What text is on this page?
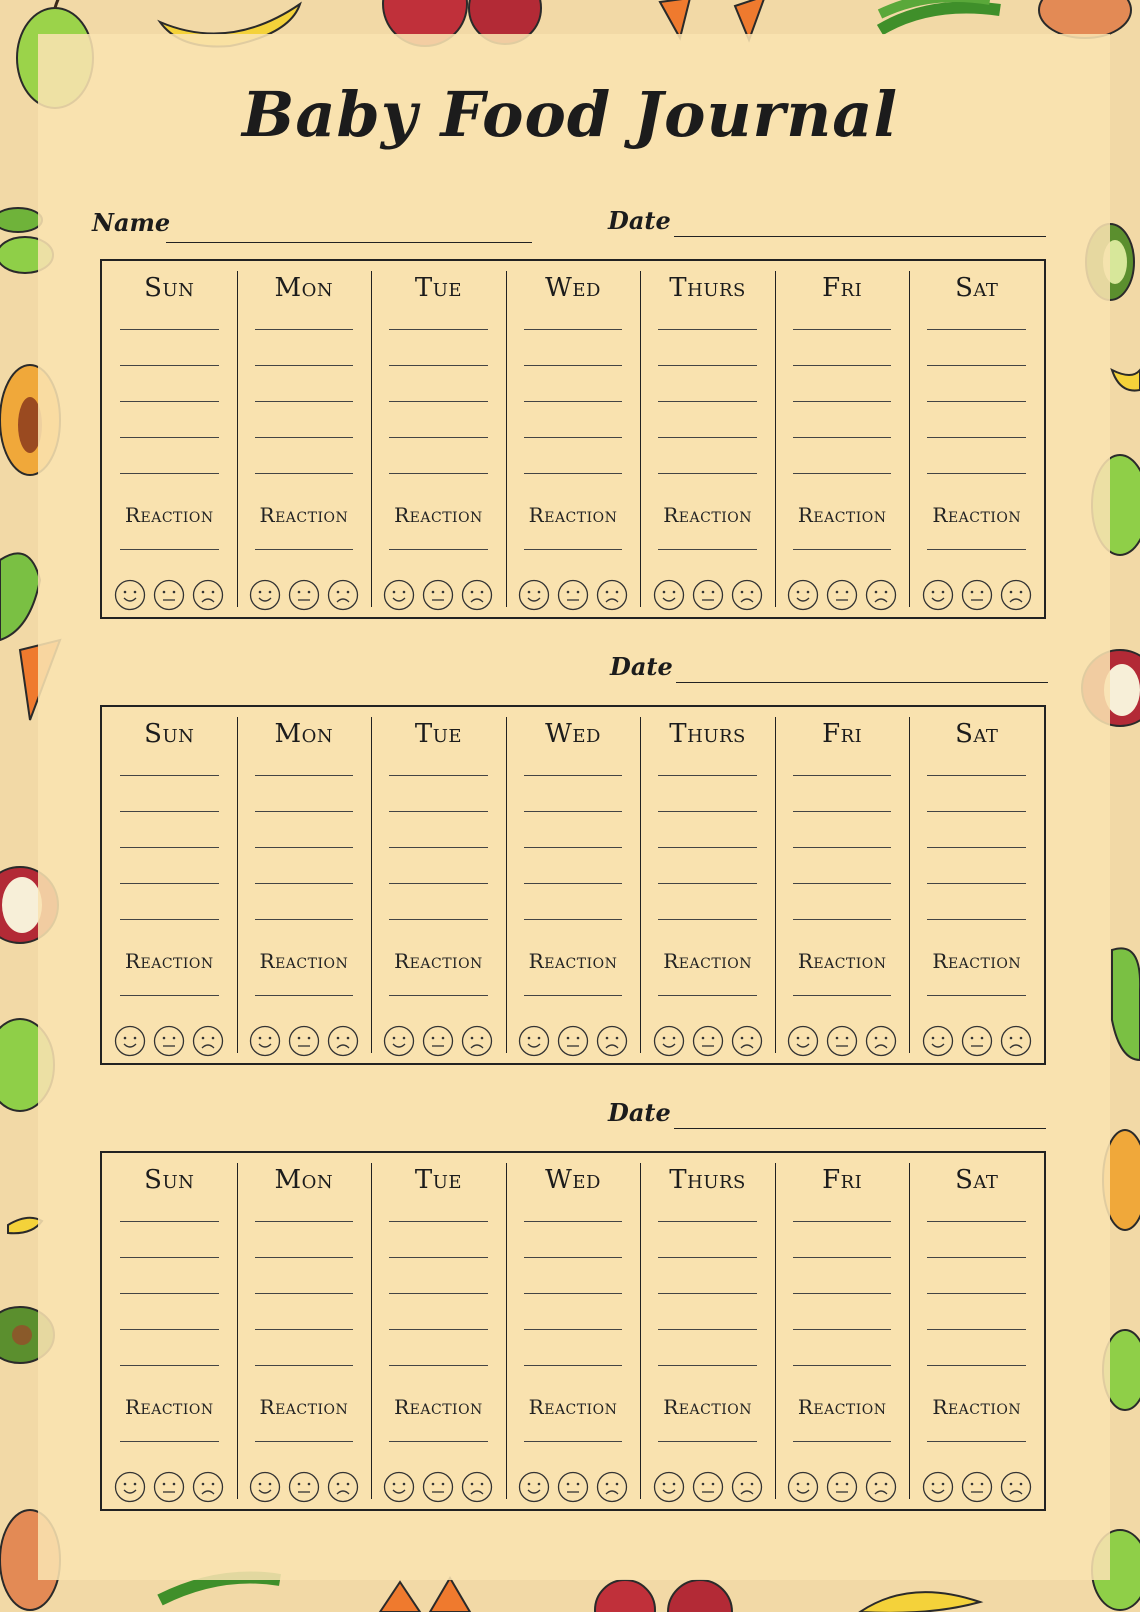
Baby Food Journal
Name	Date
Date
Date
Sun
Reaction
Mon
Reaction
Tue
Reaction
Wed
Reaction
Thurs
Reaction
Fri
Reaction
Sat
Reaction
Sun
Reaction
Mon
Reaction
Tue
Reaction
Wed
Reaction
Thurs
Reaction
Fri
Reaction
Sat
Reaction
Sun
Reaction
Mon
Reaction
Tue
Reaction
Wed
Reaction
Thurs
Reaction
Fri
Reaction
Sat
Reaction
